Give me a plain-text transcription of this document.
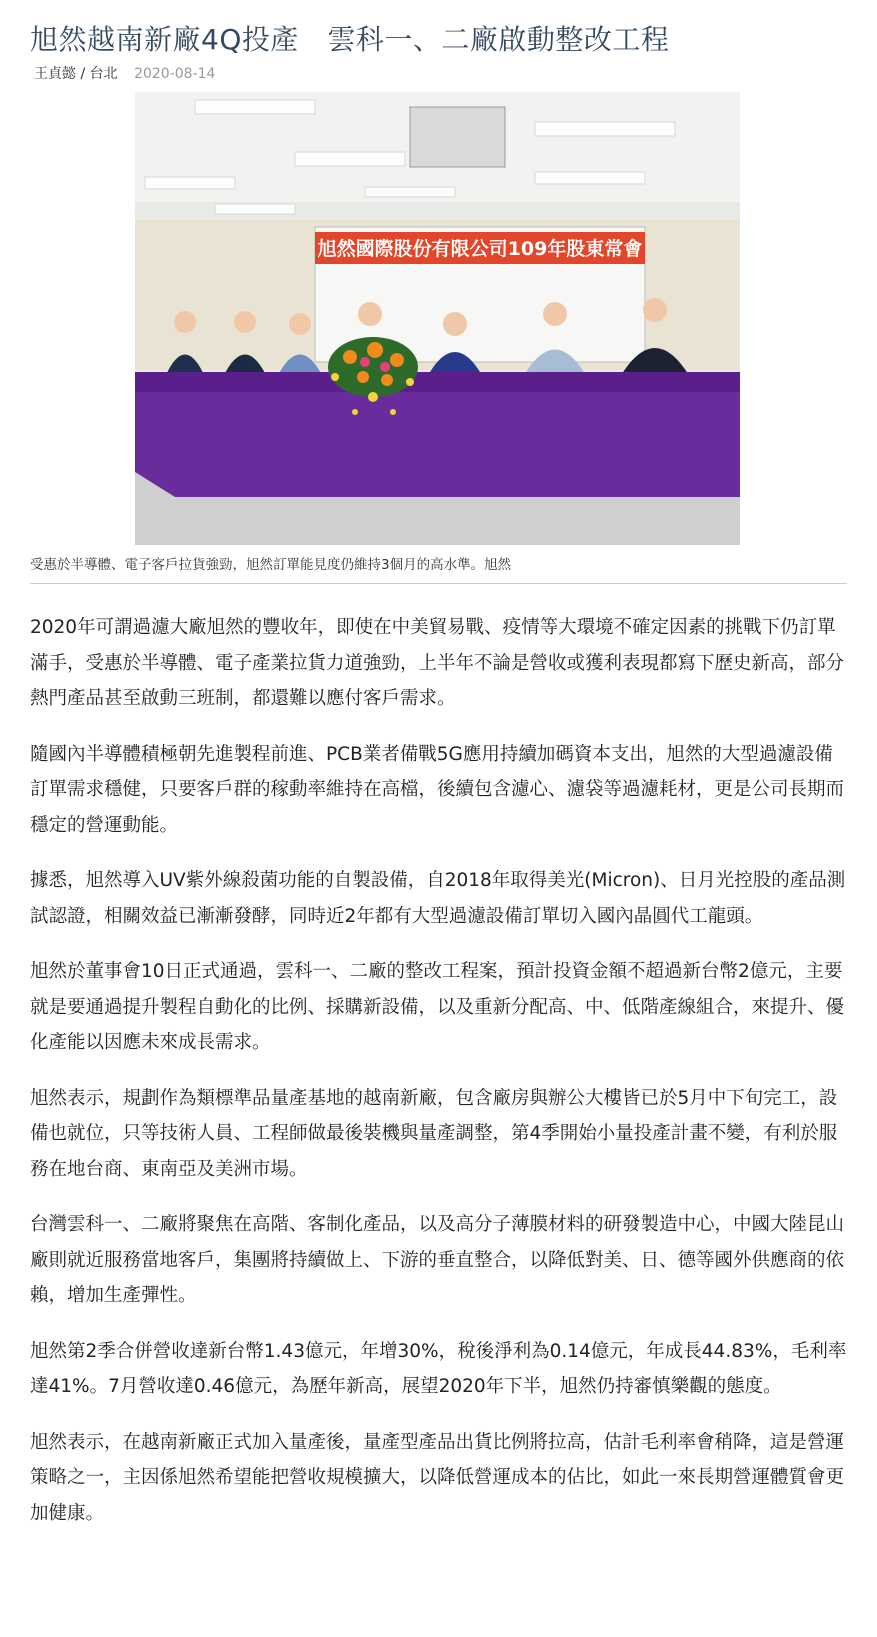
旭然越南新廠4Q投產　雲科一、二廠啟動整改工程
王貞懿 / 台北 2020-08-14
旭然國際股份有限公司109年股東常會
受惠於半導體、電子客戶拉貨強勁，旭然訂單能見度仍維持3個月的高水準。旭然

2020年可謂過濾大廠旭然的豐收年，即使在中美貿易戰、疫情等大環境不確定因素的挑戰下仍訂單滿手，受惠於半導體、電子產業拉貨力道強勁，上半年不論是營收或獲利表現都寫下歷史新高，部分熱門產品甚至啟動三班制，都還難以應付客戶需求。

隨國內半導體積極朝先進製程前進、PCB業者備戰5G應用持續加碼資本支出，旭然的大型過濾設備訂單需求穩健，只要客戶群的稼動率維持在高檔，後續包含濾心、濾袋等過濾耗材，更是公司長期而穩定的營運動能。

據悉，旭然導入UV紫外線殺菌功能的自製設備，自2018年取得美光(Micron)、日月光控股的產品測試認證，相關效益已漸漸發酵，同時近2年都有大型過濾設備訂單切入國內晶圓代工龍頭。

旭然於董事會10日正式通過，雲科一、二廠的整改工程案，預計投資金額不超過新台幣2億元，主要就是要通過提升製程自動化的比例、採購新設備，以及重新分配高、中、低階產線組合，來提升、優化產能以因應未來成長需求。

旭然表示，規劃作為類標準品量產基地的越南新廠，包含廠房與辦公大樓皆已於5月中下旬完工，設備也就位，只等技術人員、工程師做最後裝機與量產調整，第4季開始小量投產計畫不變，有利於服務在地台商、東南亞及美洲市場。

台灣雲科一、二廠將聚焦在高階、客制化產品，以及高分子薄膜材料的研發製造中心，中國大陸昆山廠則就近服務當地客戶，集團將持續做上、下游的垂直整合，以降低對美、日、德等國外供應商的依賴，增加生產彈性。

旭然第2季合併營收達新台幣1.43億元，年增30%，稅後淨利為0.14億元，年成長44.83%，毛利率達41%。7月營收達0.46億元，為歷年新高，展望2020年下半，旭然仍持審慎樂觀的態度。

旭然表示，在越南新廠正式加入量產後，量產型產品出貨比例將拉高，估計毛利率會稍降，這是營運策略之一，主因係旭然希望能把營收規模擴大，以降低營運成本的佔比，如此一來長期營運體質會更加健康。
